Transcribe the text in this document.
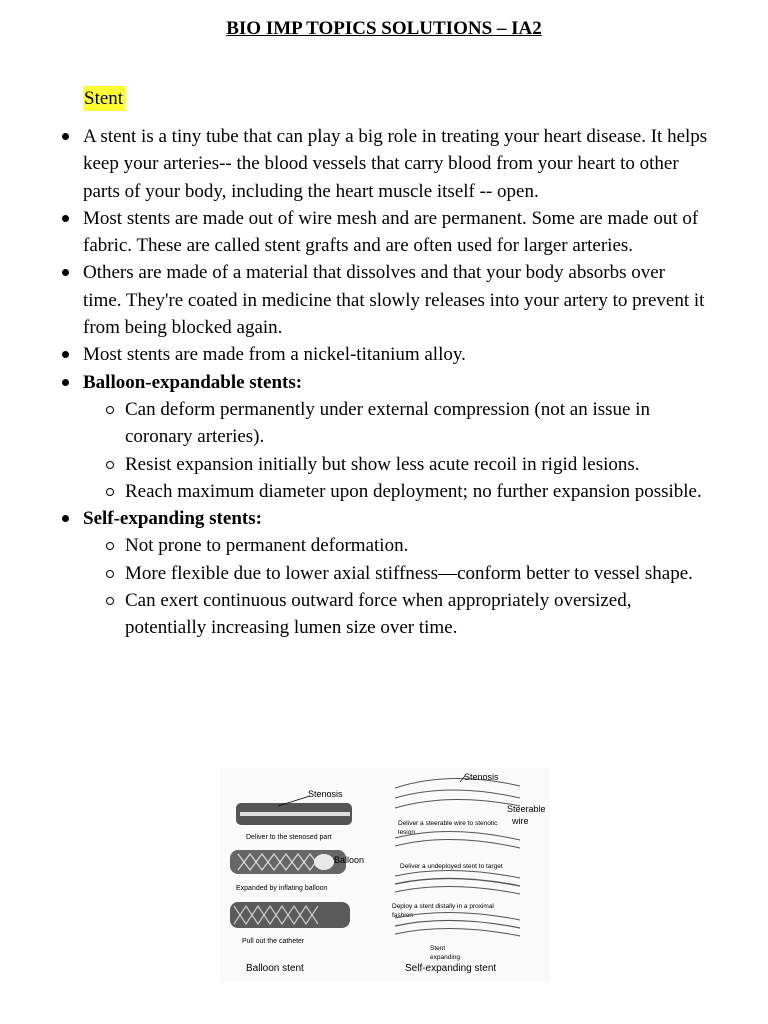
BIO IMP TOPICS SOLUTIONS – IA2
Stent
A stent is a tiny tube that can play a big role in treating your heart disease. It helps keep your arteries-- the blood vessels that carry blood from your heart to other parts of your body, including the heart muscle itself -- open.
Most stents are made out of wire mesh and are permanent. Some are made out of fabric. These are called stent grafts and are often used for larger arteries.
Others are made of a material that dissolves and that your body absorbs over time. They're coated in medicine that slowly releases into your artery to prevent it from being blocked again.
Most stents are made from a nickel-titanium alloy.
Balloon-expandable stents:
Can deform permanently under external compression (not an issue in coronary arteries).
Resist expansion initially but show less acute recoil in rigid lesions.
Reach maximum diameter upon deployment; no further expansion possible.
Self-expanding stents:
Not prone to permanent deformation.
More flexible due to lower axial stiffness—conform better to vessel shape.
Can exert continuous outward force when appropriately oversized, potentially increasing lumen size over time.
Stenosis
Deliver to the stenosed part
Balloon
Expanded by inflating balloon
Pull out the catheter
Balloon stent
Stenosis
Steerable
wire
Deliver a steerable wire to stenotic
lesion
Deliver a undeployed stent to target
Deploy a stent distally in a proximal
fashion
Stent
expanding
Self-expanding stent
